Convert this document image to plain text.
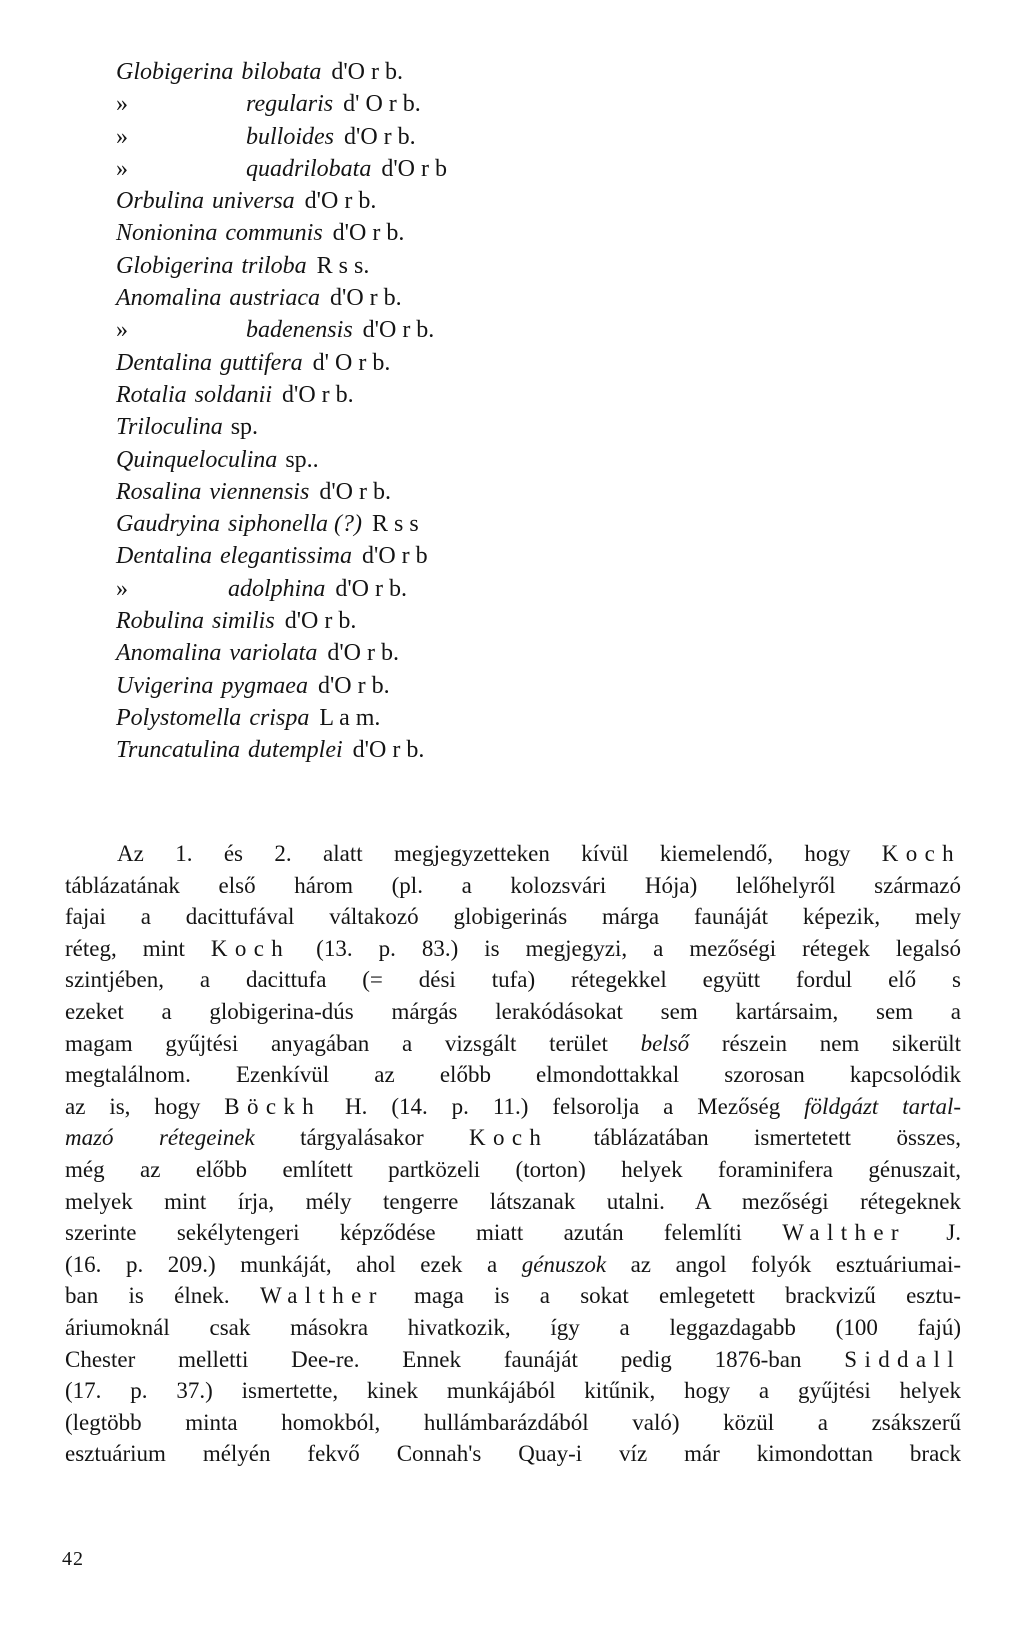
Globigerina bilobata d'O r b.
»	regularis d' O r b.
»	bulloides d'O r b.
»	quadrilobata d'O r b
Orbulina universa d'O r b.
Nonionina communis d'O r b.
Globigerina triloba R s s.
Anomalina austriaca d'O r b.
»	badenensis d'O r b.
Dentalina guttifera d' O r b.
Rotalia soldanii d'O r b.
Triloculina sp.
Quinqueloculina sp..
Rosalina viennensis d'O r b.
Gaudryina siphonella (?) R s s
Dentalina elegantissima d'O r b
»	adolphina d'O r b.
Robulina similis d'O r b.
Anomalina variolata d'O r b.
Uvigerina pygmaea d'O r b.
Polystomella crispa L a m.
Truncatulina dutemplei d'O r b.
Az 1. és 2. alatt megjegyzetteken kívül kiemelendő, hogy Koch
táblázatának első három (pl. a kolozsvári Hója) lelőhelyről származó
fajai a dacittufával váltakozó globigerinás márga faunáját képezik, mely
réteg, mint Koch (13. p. 83.) is megjegyzi, a mezőségi rétegek legalsó
szintjében, a dacittufa (= dési tufa) rétegekkel együtt fordul elő s
ezeket a globigerina-dús márgás lerakódásokat sem kartársaim, sem a
magam gyűjtési anyagában a vizsgált terület belső részein nem sikerült
megtalálnom. Ezenkívül az előbb elmondottakkal szorosan kapcsolódik
az is, hogy Böckh H. (14. p. 11.) felsorolja a Mezőség földgázt tartal-
mazó rétegeinek tárgyalásakor Koch táblázatában ismertetett összes,
még az előbb említett partközeli (torton) helyek foraminifera génuszait,
melyek mint írja, mély tengerre látszanak utalni. A mezőségi rétegeknek
szerinte sekélytengeri képződése miatt azután felemlíti Walther J.
(16. p. 209.) munkáját, ahol ezek a génuszok az angol folyók esztuáriumai-
ban is élnek. Walther maga is a sokat emlegetett brackvizű esztu-
áriumoknál csak másokra hivatkozik, így a leggazdagabb (100 fajú)
Chester melletti Dee-re. Ennek faunáját pedig 1876-ban Siddall
(17. p. 37.) ismertette, kinek munkájából kitűnik, hogy a gyűjtési helyek
(legtöbb minta homokból, hullámbarázdából való) közül a zsákszerű
esztuárium mélyén fekvő Connah's Quay-i víz már kimondottan brack
42
